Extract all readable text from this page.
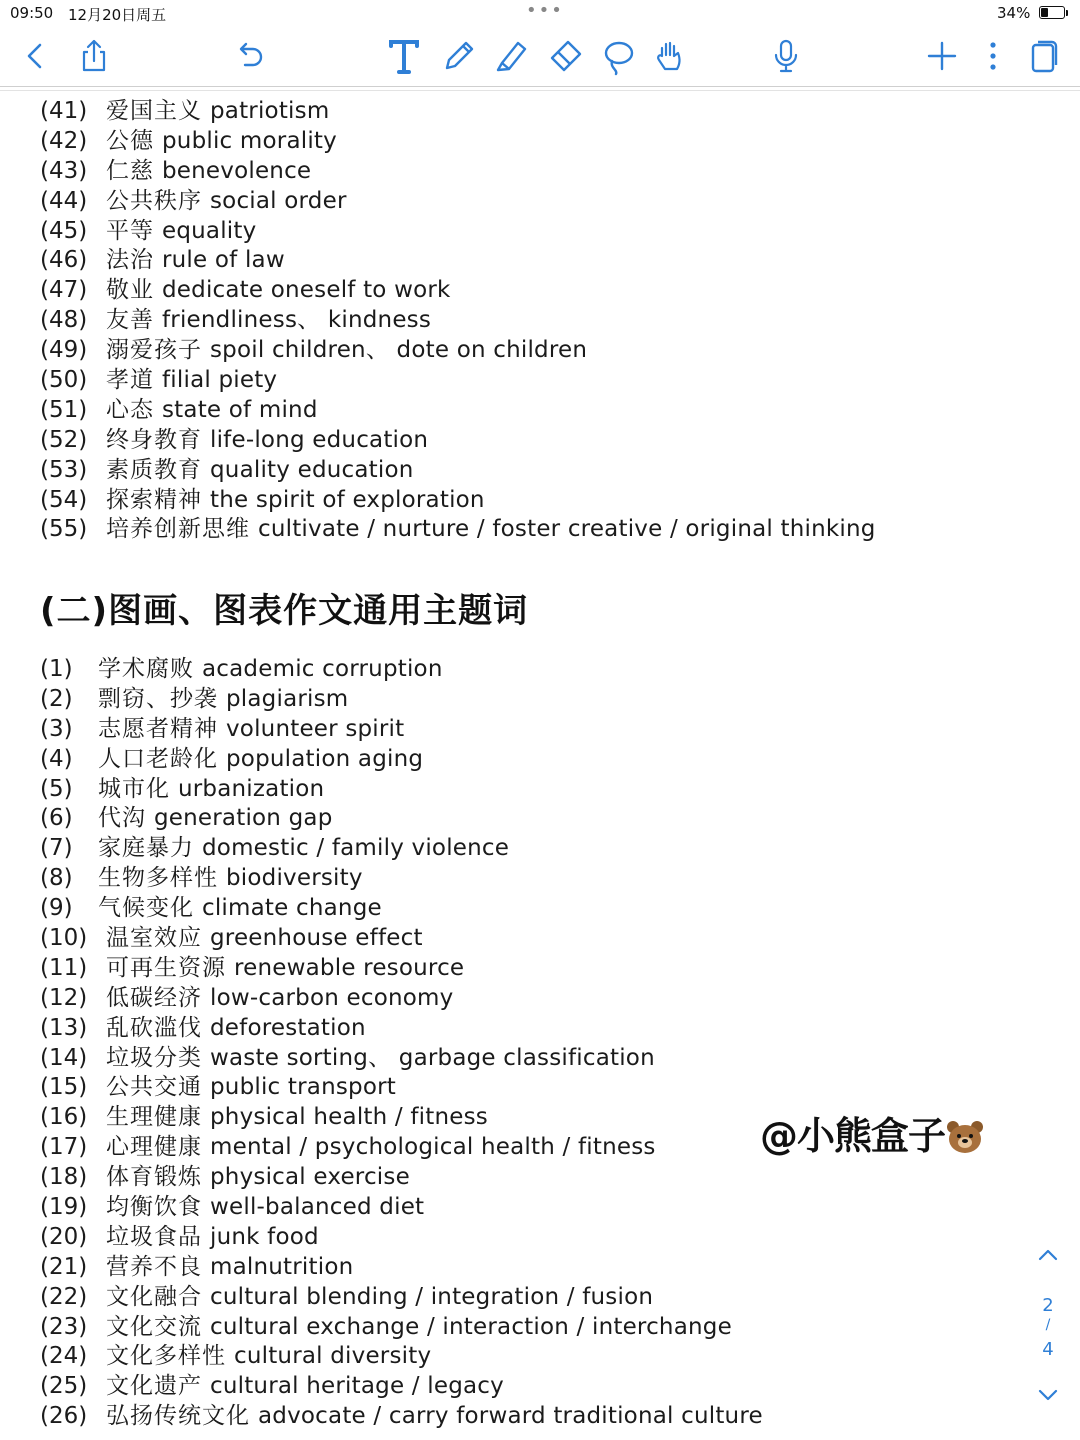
09:50 12月20日周五	•••	34%
(41) 爱国主义 patriotism
(42) 公德 public morality
(43) 仁慈 benevolence
(44) 公共秩序 social order
(45) 平等 equality
(46) 法治 rule of law
(47) 敬业 dedicate oneself to work
(48) 友善 friendliness、 kindness
(49) 溺爱孩子 spoil children、 dote on children
(50) 孝道 filial piety
(51) 心态 state of mind
(52) 终身教育 life-long education
(53) 素质教育 quality education
(54) 探索精神 the spirit of exploration
(55) 培养创新思维 cultivate / nurture / foster creative / original thinking
(二)图画、图表作文通用主题词
(1) 学术腐败 academic corruption
(2) 剽窃、抄袭 plagiarism
(3) 志愿者精神 volunteer spirit
(4) 人口老龄化 population aging
(5) 城市化 urbanization
(6) 代沟 generation gap
(7) 家庭暴力 domestic / family violence
(8) 生物多样性 biodiversity
(9) 气候变化 climate change
(10) 温室效应 greenhouse effect
(11) 可再生资源 renewable resource
(12) 低碳经济 low-carbon economy
(13) 乱砍滥伐 deforestation
(14) 垃圾分类 waste sorting、 garbage classification
(15) 公共交通 public transport
(16) 生理健康 physical health / fitness
(17) 心理健康 mental / psychological health / fitness
(18) 体育锻炼 physical exercise
(19) 均衡饮食 well-balanced diet
(20) 垃圾食品 junk food
(21) 营养不良 malnutrition
(22) 文化融合 cultural blending / integration / fusion
(23) 文化交流 cultural exchange / interaction / interchange
(24) 文化多样性 cultural diversity
(25) 文化遗产 cultural heritage / legacy
(26) 弘扬传统文化 advocate / carry forward traditional culture
@小熊盒子
2
/
4
